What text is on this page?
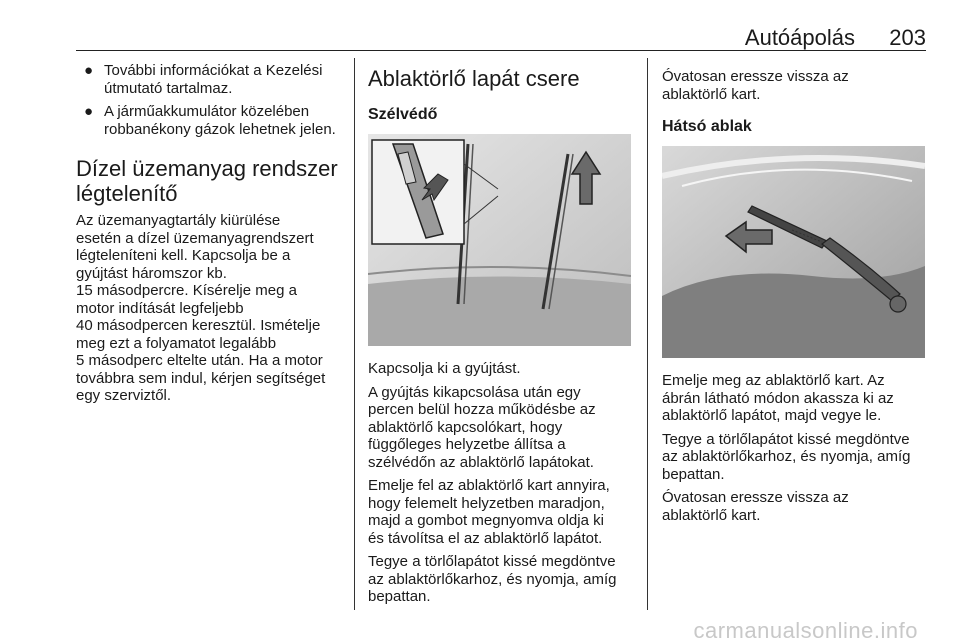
Autóápolás 203
● További információkat a Kezelési útmutató tartalmaz.
● A járműakkumulátor közelében robbanékony gázok lehetnek jelen.
Dízel üzemanyag rendszer légtelenítő

Az üzemanyagtartály kiürülése
esetén a dízel üzemanyagrendszert
légteleníteni kell. Kapcsolja be a
gyújtást háromszor kb.
15 másodpercre. Kísérelje meg a
motor indítását legfeljebb
40 másodpercen keresztül. Ismételje
meg ezt a folyamatot legalább
5 másodperc eltelte után. Ha a motor
továbbra sem indul, kérjen segítséget
egy szerviztől.

Ablaktörlő lapát csere
Szélvédő

Kapcsolja ki a gyújtást.

A gyújtás kikapcsolása után egy
percen belül hozza működésbe az
ablaktörlő kapcsolókart, hogy
függőleges helyzetbe állítsa a
szélvédőn az ablaktörlő lapátokat.

Emelje fel az ablaktörlő kart annyira,
hogy felemelt helyzetben maradjon,
majd a gombot megnyomva oldja ki
és távolítsa el az ablaktörlő lapátot.

Tegye a törlőlapátot kissé megdöntve
az ablaktörlőkarhoz, és nyomja, amíg
bepattan.

Óvatosan eressze vissza az
ablaktörlő kart.

Hátsó ablak

Emelje meg az ablaktörlő kart. Az
ábrán látható módon akassza ki az
ablaktörlő lapátot, majd vegye le.

Tegye a törlőlapátot kissé megdöntve
az ablaktörlőkarhoz, és nyomja, amíg
bepattan.

Óvatosan eressze vissza az
ablaktörlő kart.

carmanualsonline.info
